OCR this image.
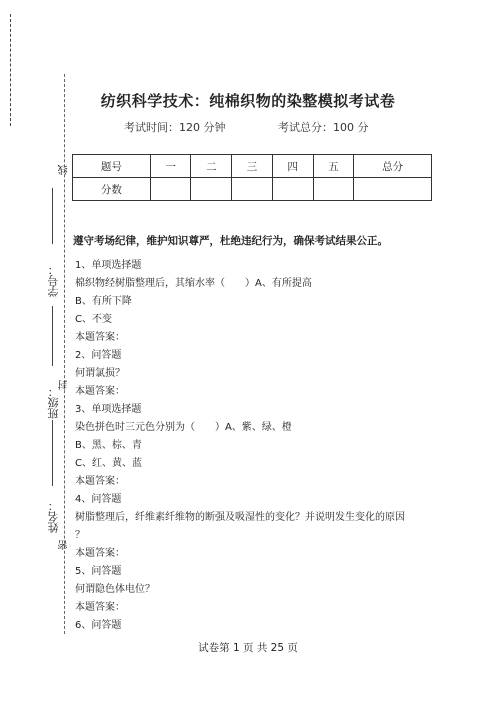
线
学号：
封
班级：
姓名：
密
纺织科学技术：纯棉织物的染整模拟考试卷
考试时间：120 分钟	考试总分：100 分
题号	一	二	三	四	五	总分
分数						
遵守考场纪律，维护知识尊严，杜绝违纪行为，确保考试结果公正。
1、单项选择题
棉织物经树脂整理后，其缩水率（　　）A、有所提高
B、有所下降
C、不变
本题答案：
2、问答题
何谓氯损？
本题答案：
3、单项选择题
染色拼色时三元色分别为（　　）A、紫、绿、橙
B、黑、棕、青
C、红、黄、蓝
本题答案：
4、问答题
树脂整理后，纤维素纤维物的断强及吸湿性的变化？并说明发生变化的原因
？
本题答案：
5、问答题
何谓隐色体电位？
本题答案：
6、问答题
试卷第 1 页 共 25 页
